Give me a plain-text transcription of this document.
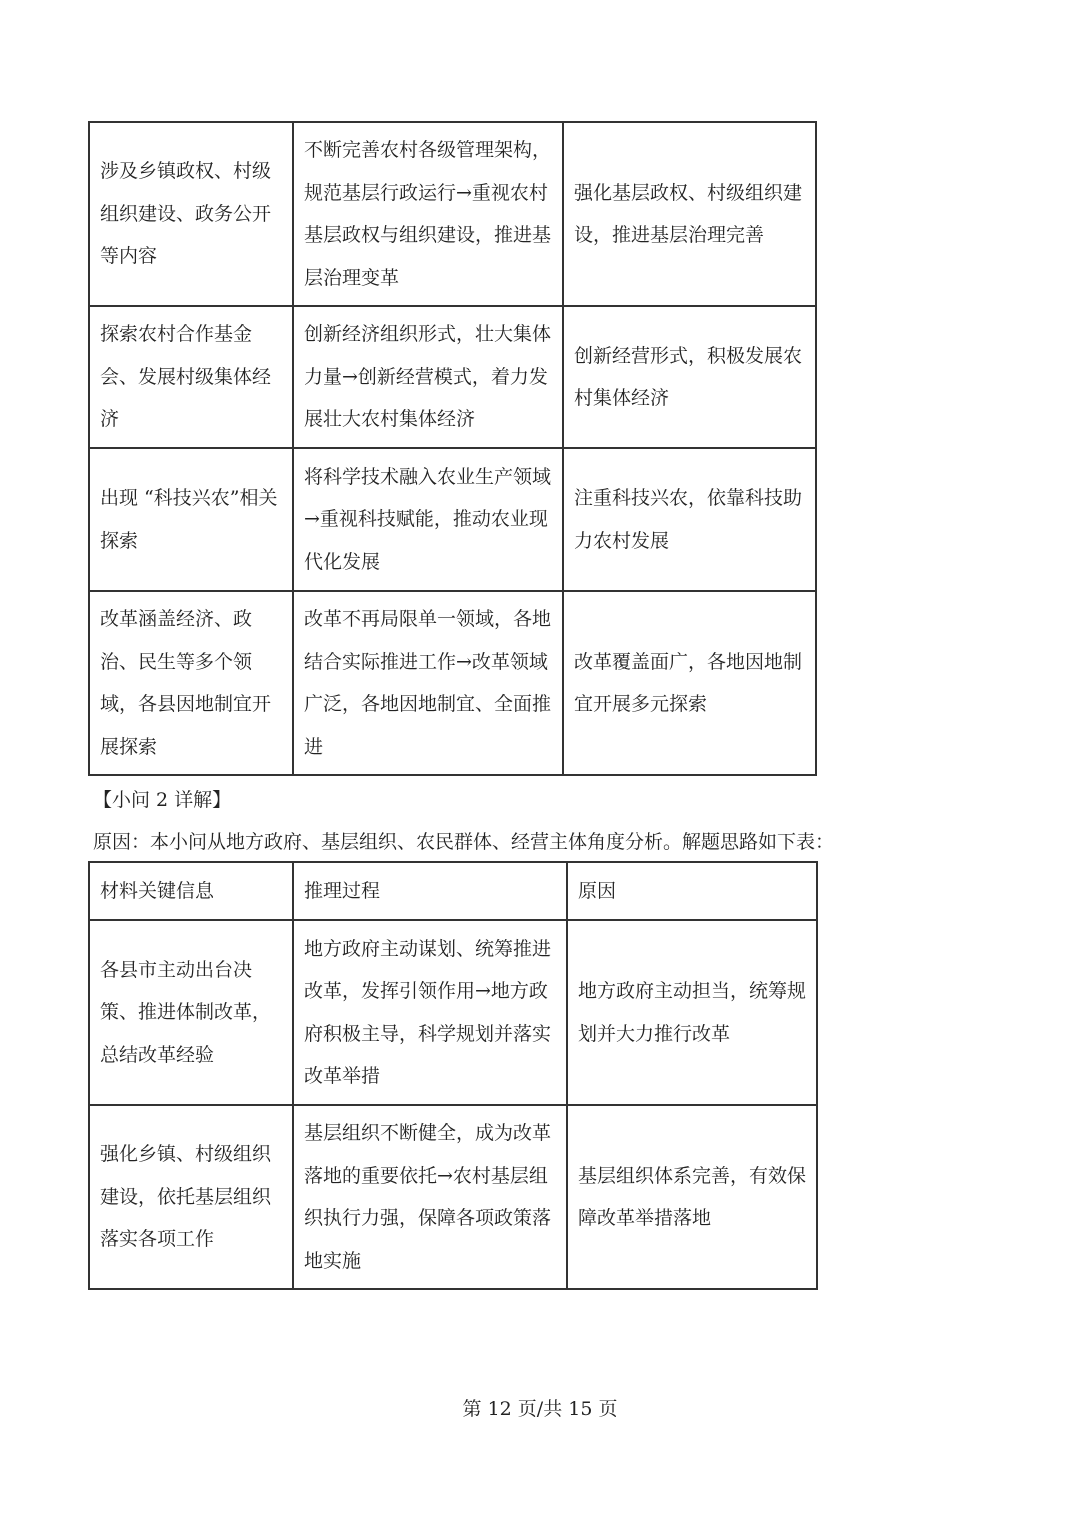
涉及乡镇政权、村级组织建设、政务公开等内容	不断完善农村各级管理架构，规范基层行政运行→重视农村基层政权与组织建设，推进基层治理变革	强化基层政权、村级组织建设，推进基层治理完善
探索农村合作基金会、发展村级集体经济	创新经济组织形式，壮大集体力量→创新经营模式，着力发展壮大农村集体经济	创新经营形式，积极发展农村集体经济
出现 “科技兴农”相关探索	将科学技术融入农业生产领域→重视科技赋能，推动农业现代化发展	注重科技兴农，依靠科技助力农村发展
改革涵盖经济、政治、民生等多个领域，各县因地制宜开展探索	改革不再局限单一领域，各地结合实际推进工作→改革领域广泛，各地因地制宜、全面推进	改革覆盖面广，各地因地制宜开展多元探索

【小问 2 详解】

原因：本小问从地方政府、基层组织、农民群体、经营主体角度分析。解题思路如下表：

材料关键信息	推理过程	原因
各县市主动出台决策、推进体制改革，总结改革经验	地方政府主动谋划、统筹推进改革，发挥引领作用→地方政府积极主导，科学规划并落实改革举措	地方政府主动担当，统筹规划并大力推行改革
强化乡镇、村级组织建设，依托基层组织落实各项工作	基层组织不断健全，成为改革落地的重要依托→农村基层组织执行力强，保障各项政策落地实施	基层组织体系完善，有效保障改革举措落地

第 12 页/共 15 页
